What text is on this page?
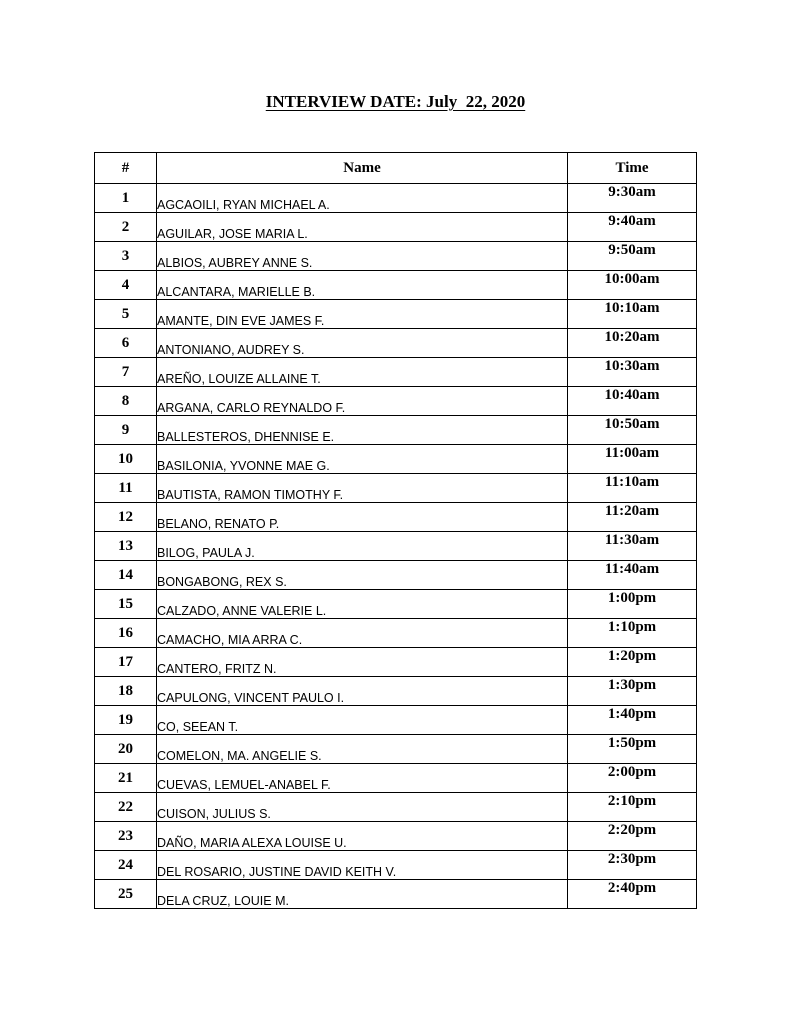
INTERVIEW DATE: July  22, 2020
#	Name	Time
1	AGCAOILI, RYAN MICHAEL A.	9:30am
2	AGUILAR, JOSE MARIA L.	9:40am
3	ALBIOS, AUBREY ANNE S.	9:50am
4	ALCANTARA, MARIELLE B.	10:00am
5	AMANTE, DIN EVE JAMES F.	10:10am
6	ANTONIANO, AUDREY S.	10:20am
7	AREÑO, LOUIZE ALLAINE T.	10:30am
8	ARGANA, CARLO REYNALDO F.	10:40am
9	BALLESTEROS, DHENNISE E.	10:50am
10	BASILONIA, YVONNE MAE G.	11:00am
11	BAUTISTA, RAMON TIMOTHY F.	11:10am
12	BELANO, RENATO P.	11:20am
13	BILOG, PAULA J.	11:30am
14	BONGABONG, REX S.	11:40am
15	CALZADO, ANNE VALERIE L.	1:00pm
16	CAMACHO, MIA ARRA C.	1:10pm
17	CANTERO, FRITZ N.	1:20pm
18	CAPULONG, VINCENT PAULO I.	1:30pm
19	CO, SEEAN T.	1:40pm
20	COMELON, MA. ANGELIE S.	1:50pm
21	CUEVAS, LEMUEL-ANABEL F.	2:00pm
22	CUISON, JULIUS S.	2:10pm
23	DAÑO, MARIA ALEXA LOUISE U.	2:20pm
24	DEL ROSARIO, JUSTINE DAVID KEITH V.	2:30pm
25	DELA CRUZ, LOUIE M.	2:40pm
